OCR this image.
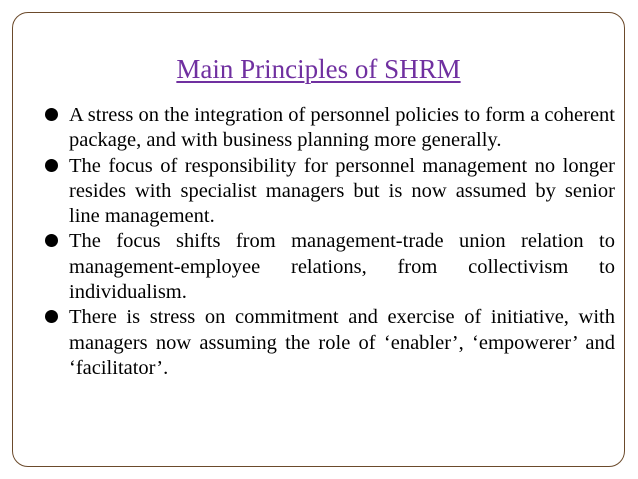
Main Principles of SHRM
A stress on the integration of personnel policies to form a coherent package, and with business planning more generally.
The focus of responsibility for personnel management no longer resides with specialist managers but is now assumed by senior line management.
The focus shifts from management-trade union relation to management-employee relations, from collectivism to individualism.
There is stress on commitment and exercise of initiative, with managers now assuming the role of ‘enabler’, ‘empowerer’ and ‘facilitator’.
